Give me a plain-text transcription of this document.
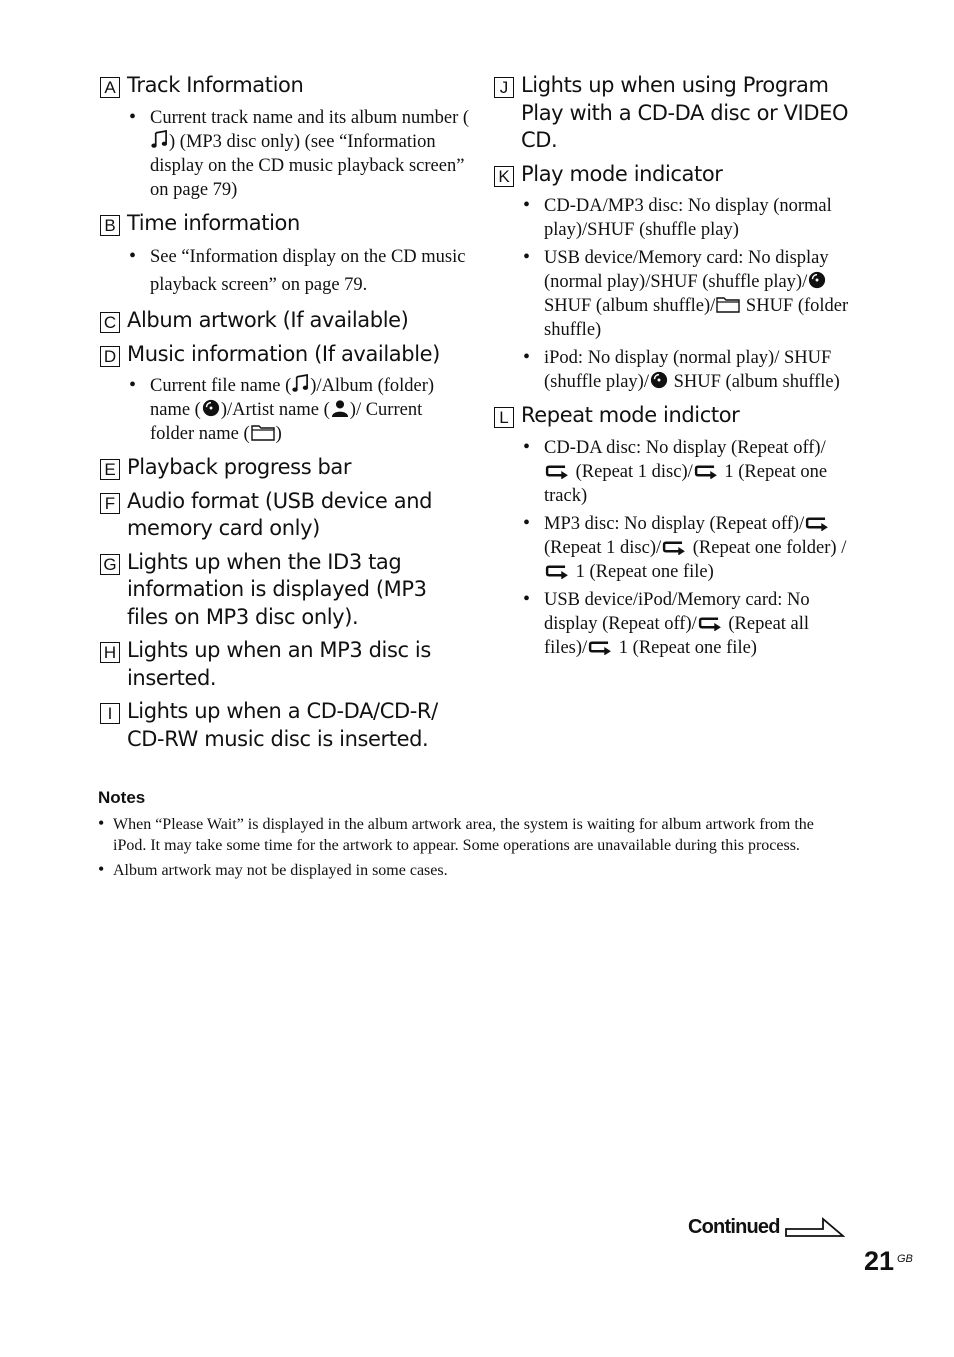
A Track Information
• Current track name and its album number () (MP3 disc only) (see “Information display on the CD music playback screen” on page 79)
B Time information
• See “Information display on the CD music playback screen” on page 79.
C Album artwork (If available)
D Music information (If available)
• Current file name ( )/Album (folder) name ( )/Artist name ( )/ Current folder name ( )
E Playback progress bar
F Audio format (USB device and memory card only)
G Lights up when the ID3 tag information is displayed (MP3 files on MP3 disc only).
H Lights up when an MP3 disc is inserted.
I Lights up when a CD-DA/CD-R/ CD-RW music disc is inserted.
J Lights up when using Program Play with a CD-DA disc or VIDEO CD.
K Play mode indicator
• CD-DA/MP3 disc: No display (normal play)/SHUF (shuffle play)
• USB device/Memory card: No display (normal play)/SHUF (shuffle play)/ SHUF (album shuffle)/ SHUF (folder shuffle)
• iPod: No display (normal play)/ SHUF (shuffle play)/ SHUF (album shuffle)
L Repeat mode indictor
• CD-DA disc: No display (Repeat off)/ (Repeat 1 disc)/ 1 (Repeat one track)
• MP3 disc: No display (Repeat off)/ (Repeat 1 disc)/ (Repeat one folder) / 1 (Repeat one file)
• USB device/iPod/Memory card: No display (Repeat off)/ (Repeat all files)/ 1 (Repeat one file)
Notes
• When “Please Wait” is displayed in the album artwork area, the system is waiting for album artwork from the iPod. It may take some time for the artwork to appear. Some operations are unavailable during this process.
• Album artwork may not be displayed in some cases.
Continued
21 GB
